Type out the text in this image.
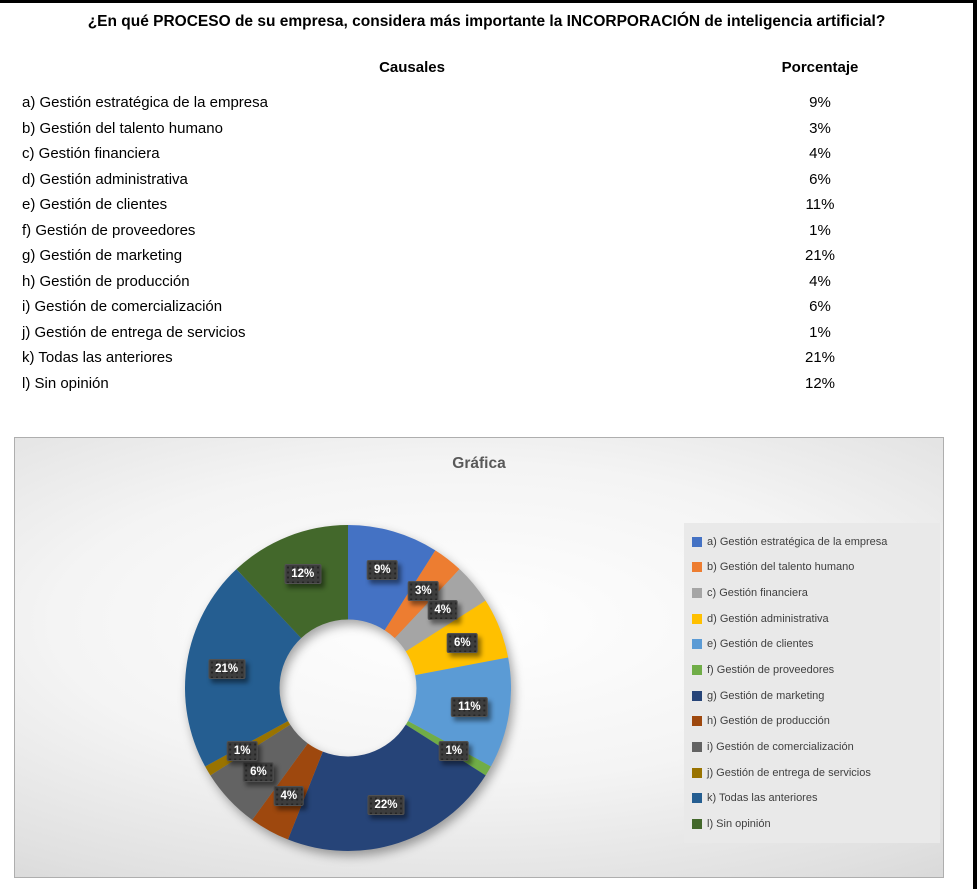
¿En qué PROCESO de su empresa, considera más importante la INCORPORACIÓN de inteligencia artificial?
Causales	Porcentaje
a) Gestión estratégica de la empresa	9%
b) Gestión del talento humano	3%
c) Gestión financiera	4%
d) Gestión administrativa	6%
e) Gestión de clientes	11%
f) Gestión de proveedores	1%
g) Gestión de marketing	21%
h) Gestión de producción	4%
i) Gestión de comercialización	6%
j) Gestión de entrega de servicios	1%
k) Todas las anteriores	21%
l) Sin opinión	12%
Gráfica
9%
3%
4%
6%
11%
1%
22%
4%
6%
1%
21%
12%
a) Gestión estratégica de la empresa
b) Gestión del talento humano
c) Gestión financiera
d) Gestión administrativa
e) Gestión de clientes
f) Gestión de proveedores
g) Gestión de marketing
h) Gestión de producción
i) Gestión de comercialización
j) Gestión de entrega de servicios
k) Todas las anteriores
l) Sin opinión
